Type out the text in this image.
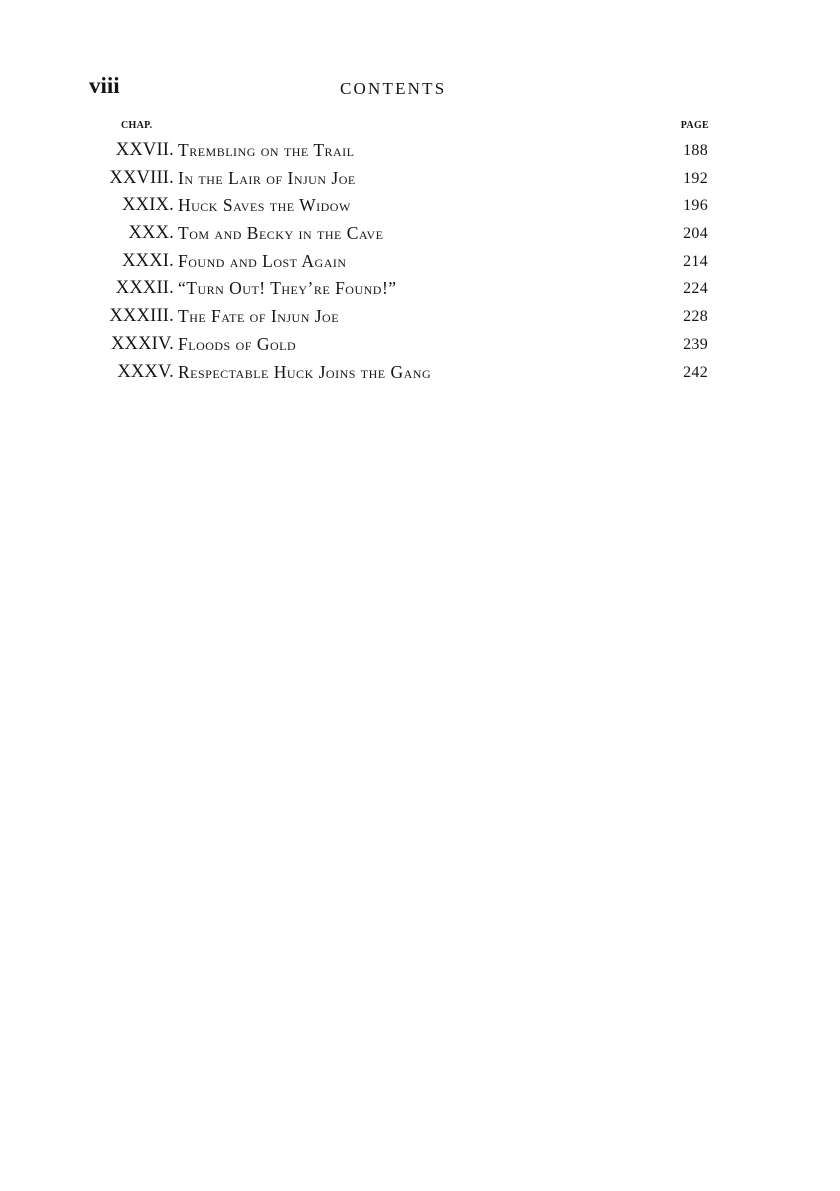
viii	CONTENTS
CHAP.	PAGE
XXVII. Trembling on the Trail	188
XXVIII. In the Lair of Injun Joe	192
XXIX. Huck Saves the Widow	196
XXX. Tom and Becky in the Cave	204
XXXI. Found and Lost Again	214
XXXII. “Turn Out! They’re Found!”	224
XXXIII. The Fate of Injun Joe	228
XXXIV. Floods of Gold	239
XXXV. Respectable Huck Joins the Gang	242
